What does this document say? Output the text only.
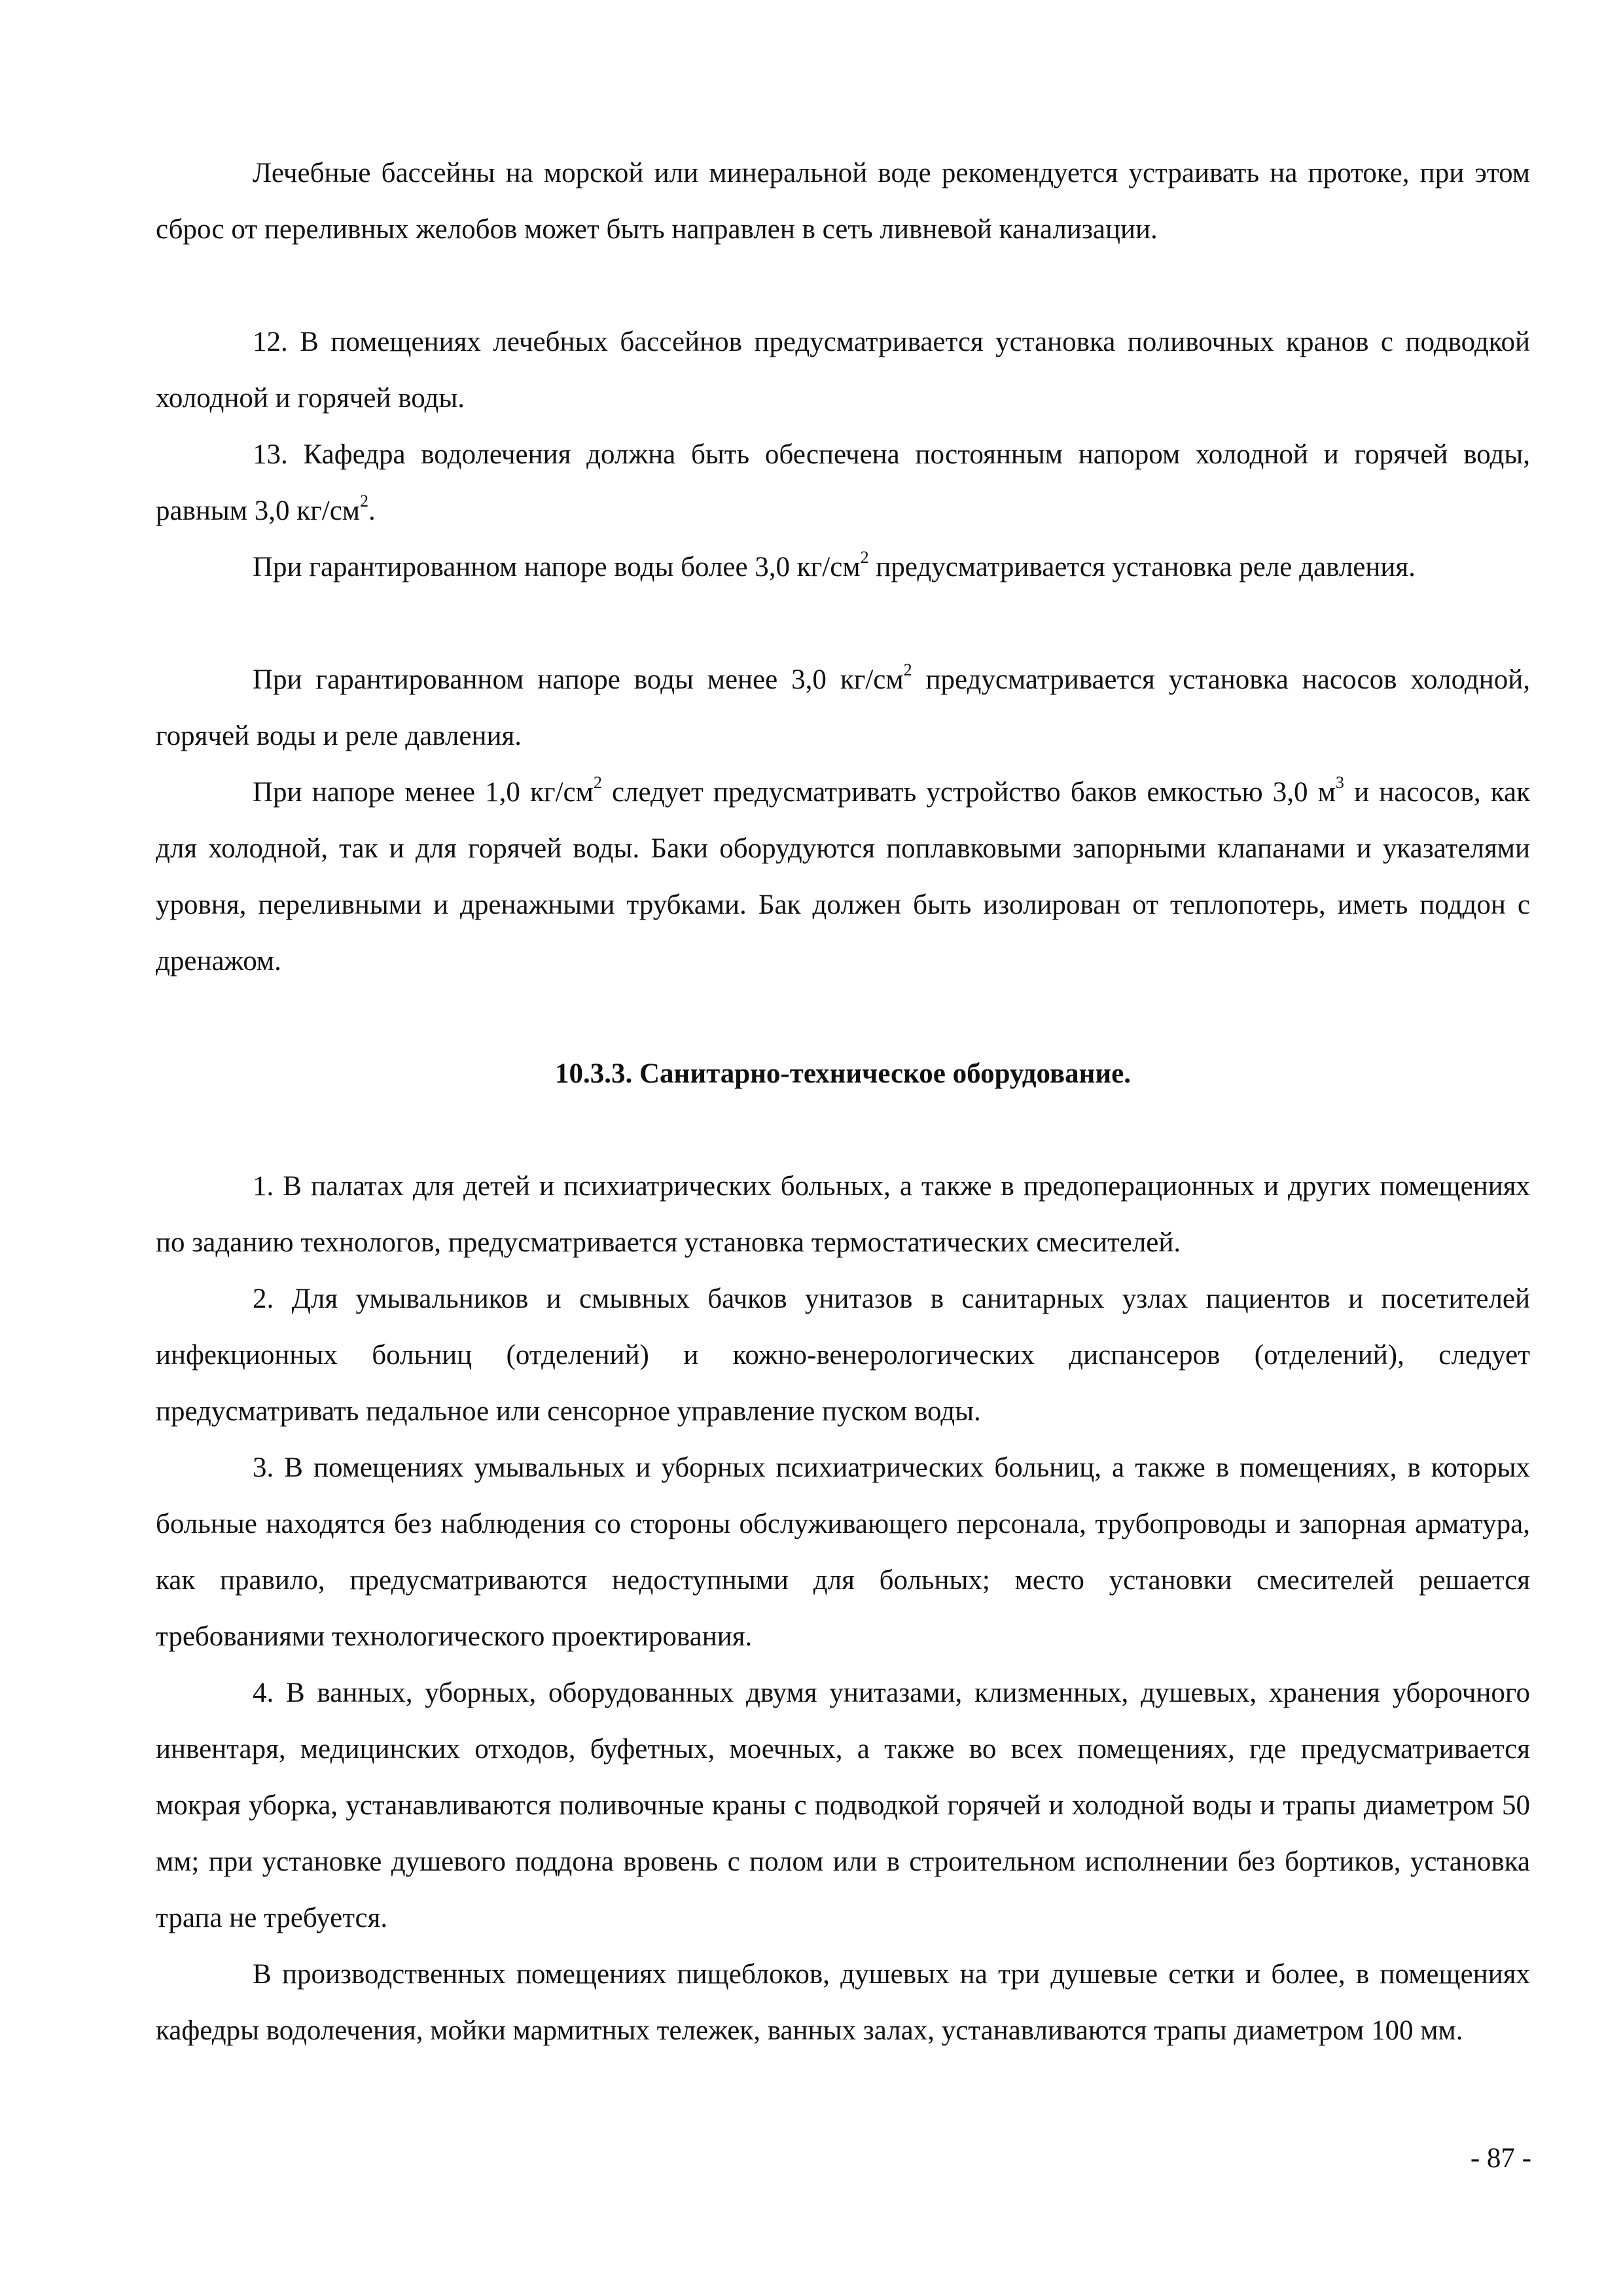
Лечебные бассейны на морской или минеральной воде рекомендуется устраивать на протоке, при этом сброс от переливных желобов может быть направлен в сеть ливневой канализации.

12. В помещениях лечебных бассейнов предусматривается установка поливочных кранов с подводкой холодной и горячей воды.

13. Кафедра водолечения должна быть обеспечена постоянным напором холодной и горячей воды, равным 3,0 $кг/см^2$.

При гарантированном напоре воды более 3,0 $кг/см^2$ предусматривается установка реле давления.

При гарантированном напоре воды менее 3,0 $кг/см^2$ предусматривается установка насосов холодной, горячей воды и реле давления.

При напоре менее 1,0 $кг/см^2$ следует предусматривать устройство баков емкостью 3,0 $м^3$ и насосов, как для холодной, так и для горячей воды. Баки оборудуются поплавковыми запорными клапанами и указателями уровня, переливными и дренажными трубками. Бак должен быть изолирован от теплопотерь, иметь поддон с дренажом.

10.3.3. Санитарно-техническое оборудование.

1. В палатах для детей и психиатрических больных, а также в предоперационных и других помещениях по заданию технологов, предусматривается установка термостатических смесителей.

2. Для умывальников и смывных бачков унитазов в санитарных узлах пациентов и посетителей инфекционных больниц (отделений) и кожно-венерологических диспансеров (отделений), следует предусматривать педальное или сенсорное управление пуском воды.

3. В помещениях умывальных и уборных психиатрических больниц, а также в помещениях, в которых больные находятся без наблюдения со стороны обслуживающего персонала, трубопроводы и запорная арматура, как правило, предусматриваются недоступными для больных; место установки смесителей решается требованиями технологического проектирования.

4. В ванных, уборных, оборудованных двумя унитазами, клизменных, душевых, хранения уборочного инвентаря, медицинских отходов, буфетных, моечных, а также во всех помещениях, где предусматривается мокрая уборка, устанавливаются поливочные краны с подводкой горячей и холодной воды и трапы диаметром 50 мм; при установке душевого поддона вровень с полом или в строительном исполнении без бортиков, установка трапа не требуется.

В производственных помещениях пищеблоков, душевых на три душевые сетки и более, в помещениях кафедры водолечения, мойки мармитных тележек, ванных залах, устанавливаются трапы диаметром 100 мм.

- 87 -
